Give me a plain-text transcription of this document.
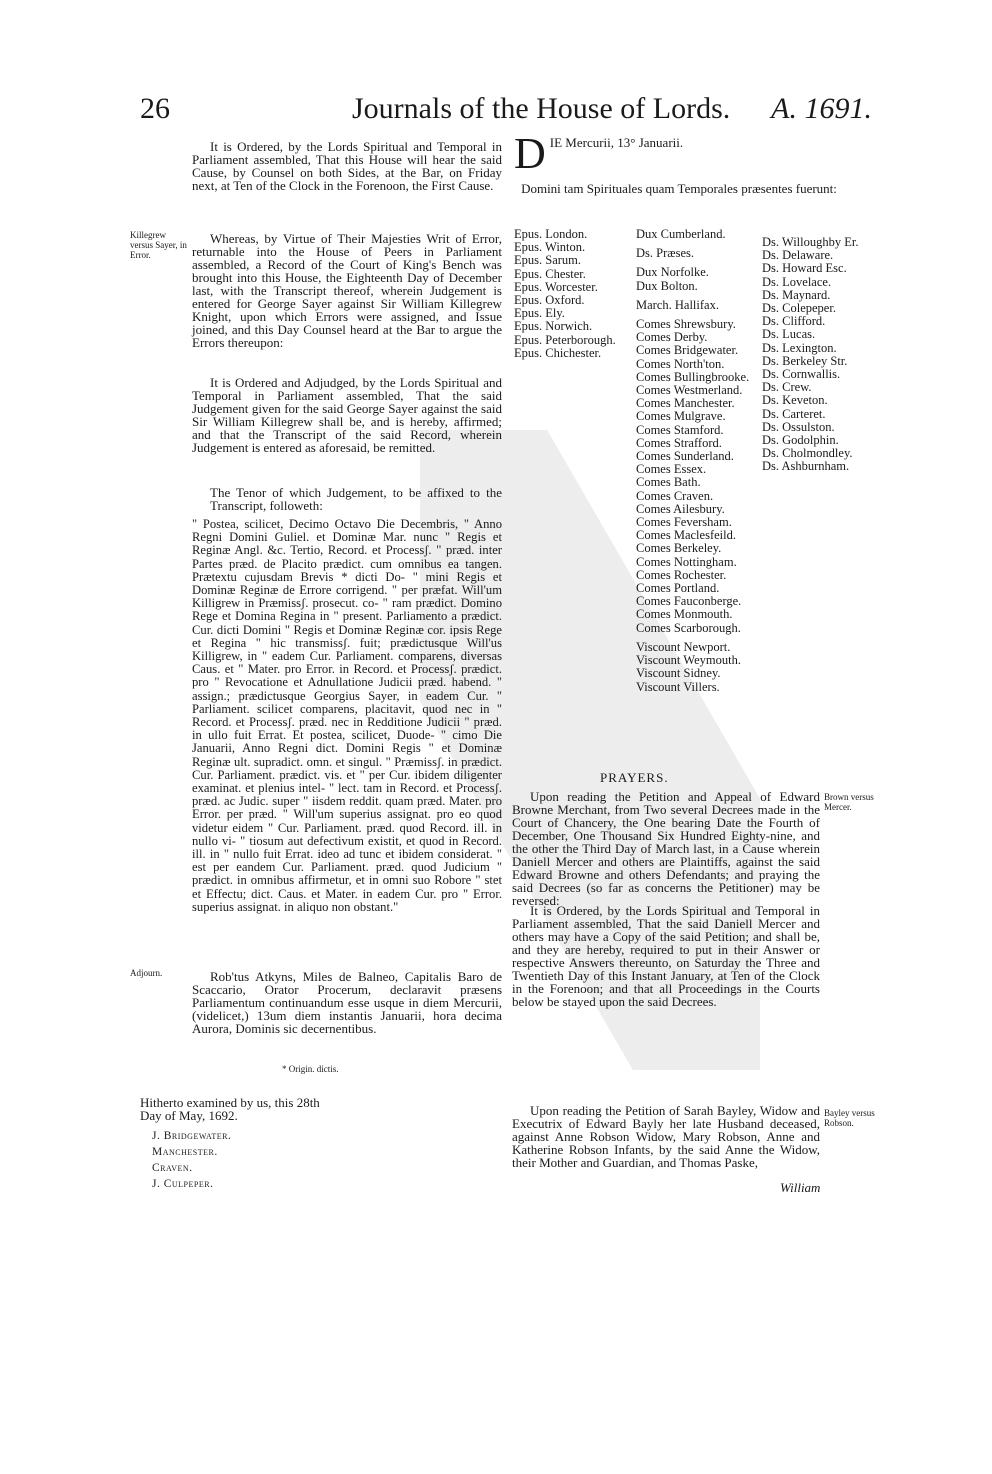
26	Journals of the House of Lords. A. 1691.

It is Ordered, by the Lords Spiritual and Temporal in Parliament assembled, That this House will hear the said Cause, by Counsel on both Sides, at the Bar, on Friday next, at Ten of the Clock in the Forenoon, the First Cause.

Killegrew versus Sayer, in Error.

Whereas, by Virtue of Their Majesties Writ of Error, returnable into the House of Peers in Parliament assembled, a Record of the Court of King's Bench was brought into this House, the Eighteenth Day of December last, with the Transcript thereof, wherein Judgement is entered for George Sayer against Sir William Killegrew Knight, upon which Errors were assigned, and Issue joined, and this Day Counsel heard at the Bar to argue the Errors thereupon:

It is Ordered and Adjudged, by the Lords Spiritual and Temporal in Parliament assembled, That the said Judgement given for the said George Sayer against the said Sir William Killegrew shall be, and is hereby, affirmed; and that the Transcript of the said Record, wherein Judgement is entered as aforesaid, be remitted.

The Tenor of which Judgement, to be affixed to the Transcript, followeth:

" Postea, scilicet, Decimo Octavo Die Decembris, " Anno Regni Domini Guliel. et Dominæ Mar. nunc " Regis et Reginæ Angl. &c. Tertio, Record. et Processʃ. " præd. inter Partes præd. de Placito prædict. cum omnibus ea tangen. Prætextu cujusdam Brevis * dicti Do- " mini Regis et Dominæ Reginæ de Errore corrigend. " per præfat. Will'um Killigrew in Præmissʃ. prosecut. co- " ram prædict. Domino Rege et Domina Regina in " present. Parliamento a prædict. Cur. dicti Domini " Regis et Dominæ Reginæ cor. ipsis Rege et Regina " hic transmissʃ. fuit; prædictusque Will'us Killigrew, in " eadem Cur. Parliament. comparens, diversas Caus. et " Mater. pro Error. in Record. et Processʃ. prædict. pro " Revocatione et Adnullatione Judicii præd. habend. " assign.; prædictusque Georgius Sayer, in eadem Cur. " Parliament. scilicet comparens, placitavit, quod nec in " Record. et Processʃ. præd. nec in Redditione Judicii " præd. in ullo fuit Errat. Et postea, scilicet, Duode- " cimo Die Januarii, Anno Regni dict. Domini Regis " et Dominæ Reginæ ult. supradict. omn. et singul. " Præmissʃ. in prædict. Cur. Parliament. prædict. vis. et " per Cur. ibidem diligenter examinat. et plenius intel- " lect. tam in Record. et Processʃ. præd. ac Judic. super " iisdem reddit. quam præd. Mater. pro Error. per præd. " Will'um superius assignat. pro eo quod videtur eidem " Cur. Parliament. præd. quod Record. ill. in nullo vi- " tiosum aut defectivum existit, et quod in Record. ill. in " nullo fuit Errat. ideo ad tunc et ibidem considerat. " est per eandem Cur. Parliament. præd. quod Judicium " prædict. in omnibus affirmetur, et in omni suo Robore " stet et Effectu; dict. Caus. et Mater. in eadem Cur. pro " Error. superius assignat. in aliquo non obstant."

Adjourn.	Rob'tus Atkyns, Miles de Balneo, Capitalis Baro de Scaccario, Orator Procerum, declaravit præsens Parliamentum continuandum esse usque in diem Mercurii, (videlicet,) 13um diem instantis Januarii, hora decima Aurora, Dominis sic decernentibus.

* Origin. dictis.

Hitherto examined by us, this 28th Day of May, 1692.

J. Bridgewater.
Manchester.
Craven.
J. Culpeper.
D IE Mercurii, 13° Januarii.

Domini tam Spirituales quam Temporales præsentes fuerunt:

Epus. London.
Epus. Winton.
Epus. Sarum.
Epus. Chester.
Epus. Worcester.
Epus. Oxford.
Epus. Ely.
Epus. Norwich.
Epus. Peterborough.
Epus. Chichester.
Dux Cumberland.
Ds. Præses.
Dux Norfolke.
Dux Bolton.
March. Hallifax.
Comes Shrewsbury.
Comes Derby.
Comes Bridgewater.
Comes North'ton.
Comes Bullingbrooke.
Comes Westmerland.
Comes Manchester.
Comes Mulgrave.
Comes Stamford.
Comes Strafford.
Comes Sunderland.
Comes Essex.
Comes Bath.
Comes Craven.
Comes Ailesbury.
Comes Feversham.
Comes Maclesfeild.
Comes Berkeley.
Comes Nottingham.
Comes Rochester.
Comes Portland.
Comes Fauconberge.
Comes Monmouth.
Comes Scarborough.
Viscount Newport.
Viscount Weymouth.
Viscount Sidney.
Viscount Villers.
Ds. Willoughby Er.
Ds. Delaware.
Ds. Howard Esc.
Ds. Lovelace.
Ds. Maynard.
Ds. Colepeper.
Ds. Clifford.
Ds. Lucas.
Ds. Lexington.
Ds. Berkeley Str.
Ds. Cornwallis.
Ds. Crew.
Ds. Keveton.
Ds. Carteret.
Ds. Ossulston.
Ds. Godolphin.
Ds. Cholmondley.
Ds. Ashburnham.
PRAYERS.

Upon reading the Petition and Appeal of Edward Browne Merchant, from Two several Decrees made in the Court of Chancery, the One bearing Date the Fourth of December, One Thousand Six Hundred Eighty-nine, and the other the Third Day of March last, in a Cause wherein Daniell Mercer and others are Plaintiffs, against the said Edward Browne and others Defendants; and praying the said Decrees (so far as concerns the Petitioner) may be reversed:

Brown versus Mercer.

It is Ordered, by the Lords Spiritual and Temporal in Parliament assembled, That the said Daniell Mercer and others may have a Copy of the said Petition; and shall be, and they are hereby, required to put in their Answer or respective Answers thereunto, on Saturday the Three and Twentieth Day of this Instant January, at Ten of the Clock in the Forenoon; and that all Proceedings in the Courts below be stayed upon the said Decrees.

Upon reading the Petition of Sarah Bayley, Widow and Executrix of Edward Bayly her late Husband deceased, against Anne Robson Widow, Mary Robson, Anne and Katherine Robson Infants, by the said Anne the Widow, their Mother and Guardian, and Thomas Paske,

Bayley versus Robson.
William
